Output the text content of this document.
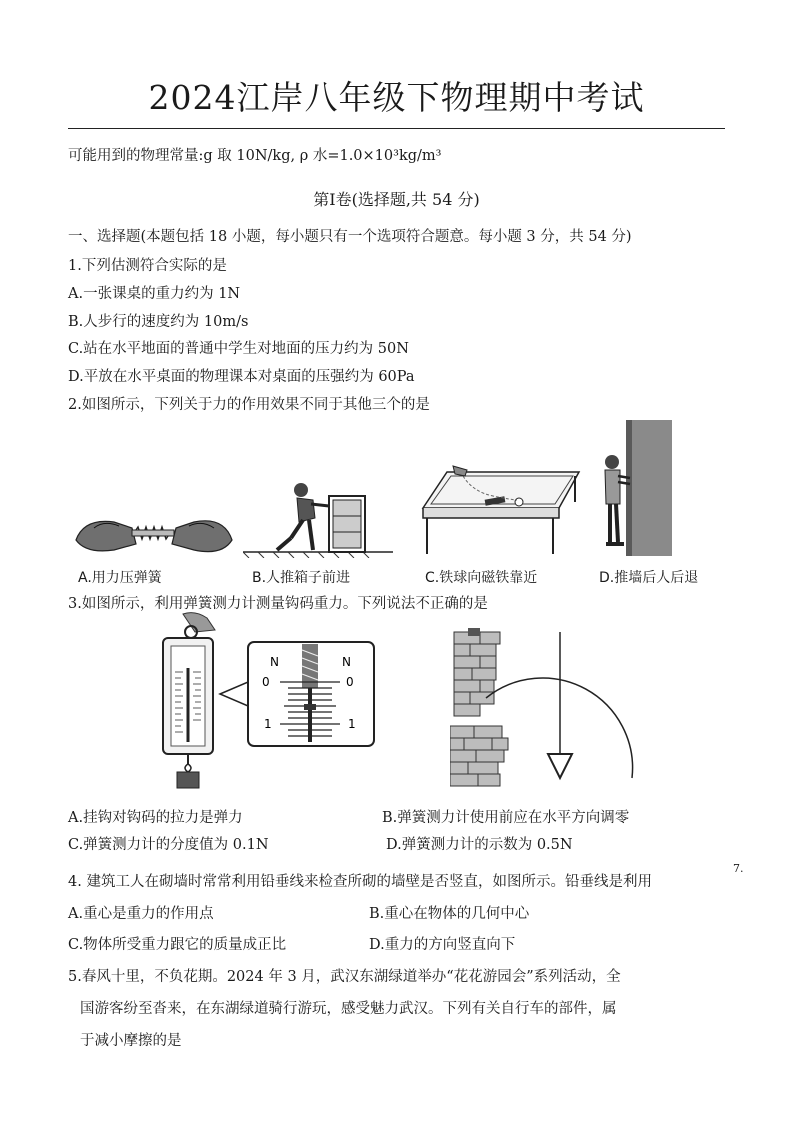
2024江岸八年级下物理期中考试
可能用到的物理常量:g 取 10N/kg, ρ 水=1.0×10³kg/m³
第Ⅰ卷(选择题,共 54 分)
一、选择题(本题包括 18 小题，每小题只有一个选项符合题意。每小题 3 分，共 54 分)
1.下列估测符合实际的是
A.一张课桌的重力约为 1N
B.人步行的速度约为 10m/s
C.站在水平地面的普通中学生对地面的压力约为 50N
D.平放在水平桌面的物理课本对桌面的压强约为 60Pa
2.如图所示，下列关于力的作用效果不同于其他三个的是
A.用力压弹簧	B.人推箱子前进	C.铁球向磁铁靠近	D.推墙后人后退
3.如图所示，利用弹簧测力计测量钩码重力。下列说法不正确的是
N	N
0	0
1	1
A.挂钩对钩码的拉力是弹力	B.弹簧测力计使用前应在水平方向调零
C.弹簧测力计的分度值为 0.1N	D.弹簧测力计的示数为 0.5N
7.
4. 建筑工人在砌墙时常常利用铅垂线来检查所砌的墙壁是否竖直，如图所示。铅垂线是利用
A.重心是重力的作用点	B.重心在物体的几何中心
C.物体所受重力跟它的质量成正比	D.重力的方向竖直向下
5.春风十里，不负花期。2024 年 3 月，武汉东湖绿道举办“花花游园会”系列活动，全
国游客纷至沓来，在东湖绿道骑行游玩，感受魅力武汉。下列有关自行车的部件，属
于减小摩擦的是
